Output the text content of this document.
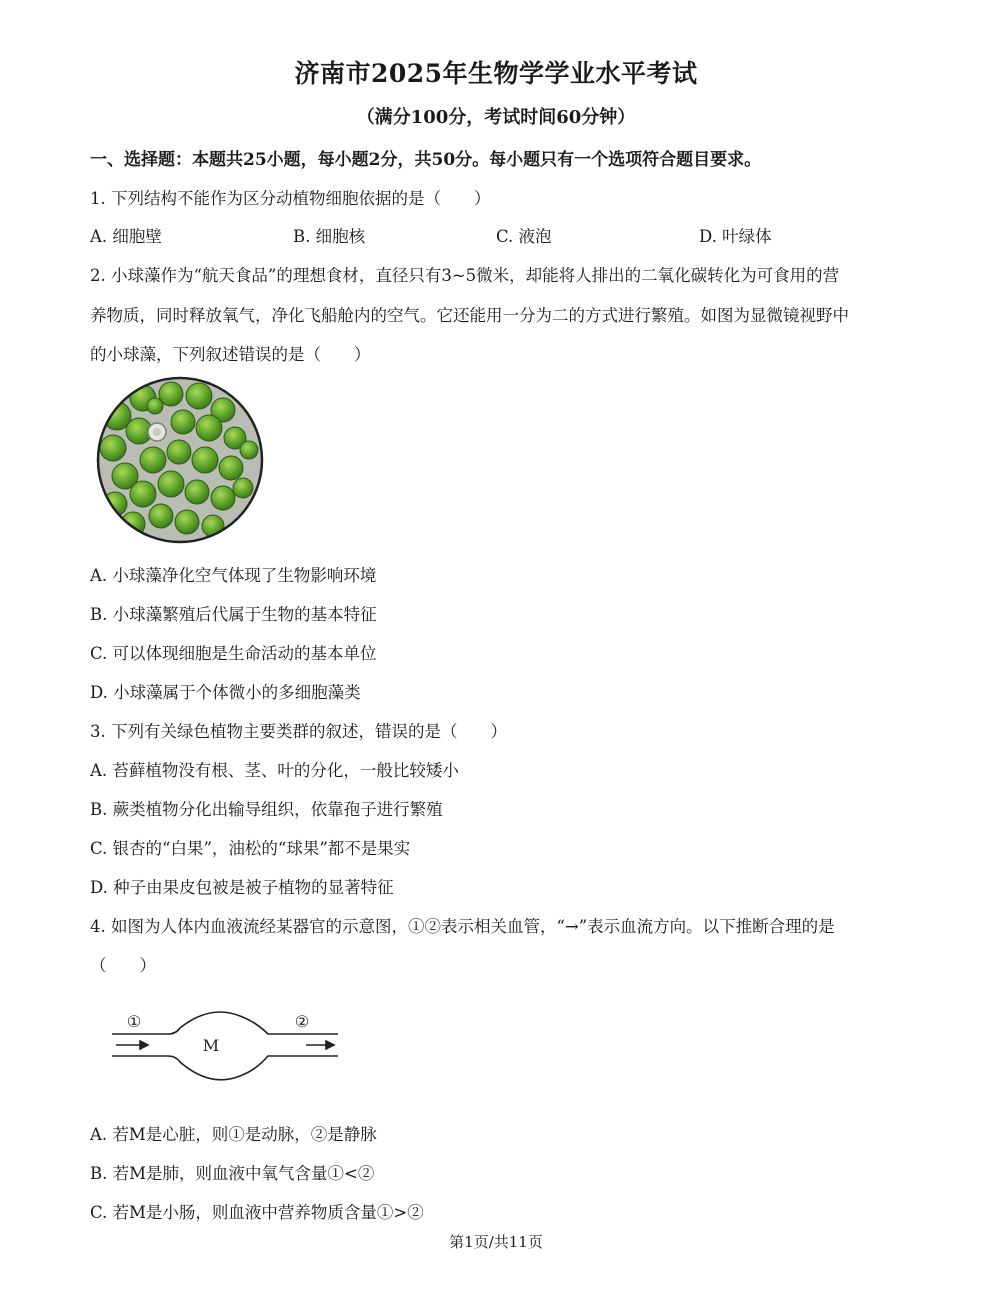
济南市2025年生物学学业水平考试
（满分100分，考试时间60分钟）
一、选择题：本题共25小题，每小题2分，共50分。每小题只有一个选项符合题目要求。
1. 下列结构不能作为区分动植物细胞依据的是（　　）
A. 细胞壁	B. 细胞核	C. 液泡	D. 叶绿体
2. 小球藻作为“航天食品”的理想食材，直径只有3~5微米，却能将人排出的二氧化碳转化为可食用的营
养物质，同时释放氧气，净化飞船舱内的空气。它还能用一分为二的方式进行繁殖。如图为显微镜视野中
的小球藻，下列叙述错误的是（　　）
A. 小球藻净化空气体现了生物影响环境
B. 小球藻繁殖后代属于生物的基本特征
C. 可以体现细胞是生命活动的基本单位
D. 小球藻属于个体微小的多细胞藻类
3. 下列有关绿色植物主要类群的叙述，错误的是（　　）
A. 苔藓植物没有根、茎、叶的分化，一般比较矮小
B. 蕨类植物分化出输导组织，依靠孢子进行繁殖
C. 银杏的“白果”，油松的“球果”都不是果实
D. 种子由果皮包被是被子植物的显著特征
4. 如图为人体内血液流经某器官的示意图，①②表示相关血管，“→”表示血流方向。以下推断合理的是
（　　）
①	②
M
A. 若M是心脏，则①是动脉，②是静脉
B. 若M是肺，则血液中氧气含量①<②
C. 若M是小肠，则血液中营养物质含量①>②
第1页/共11页
